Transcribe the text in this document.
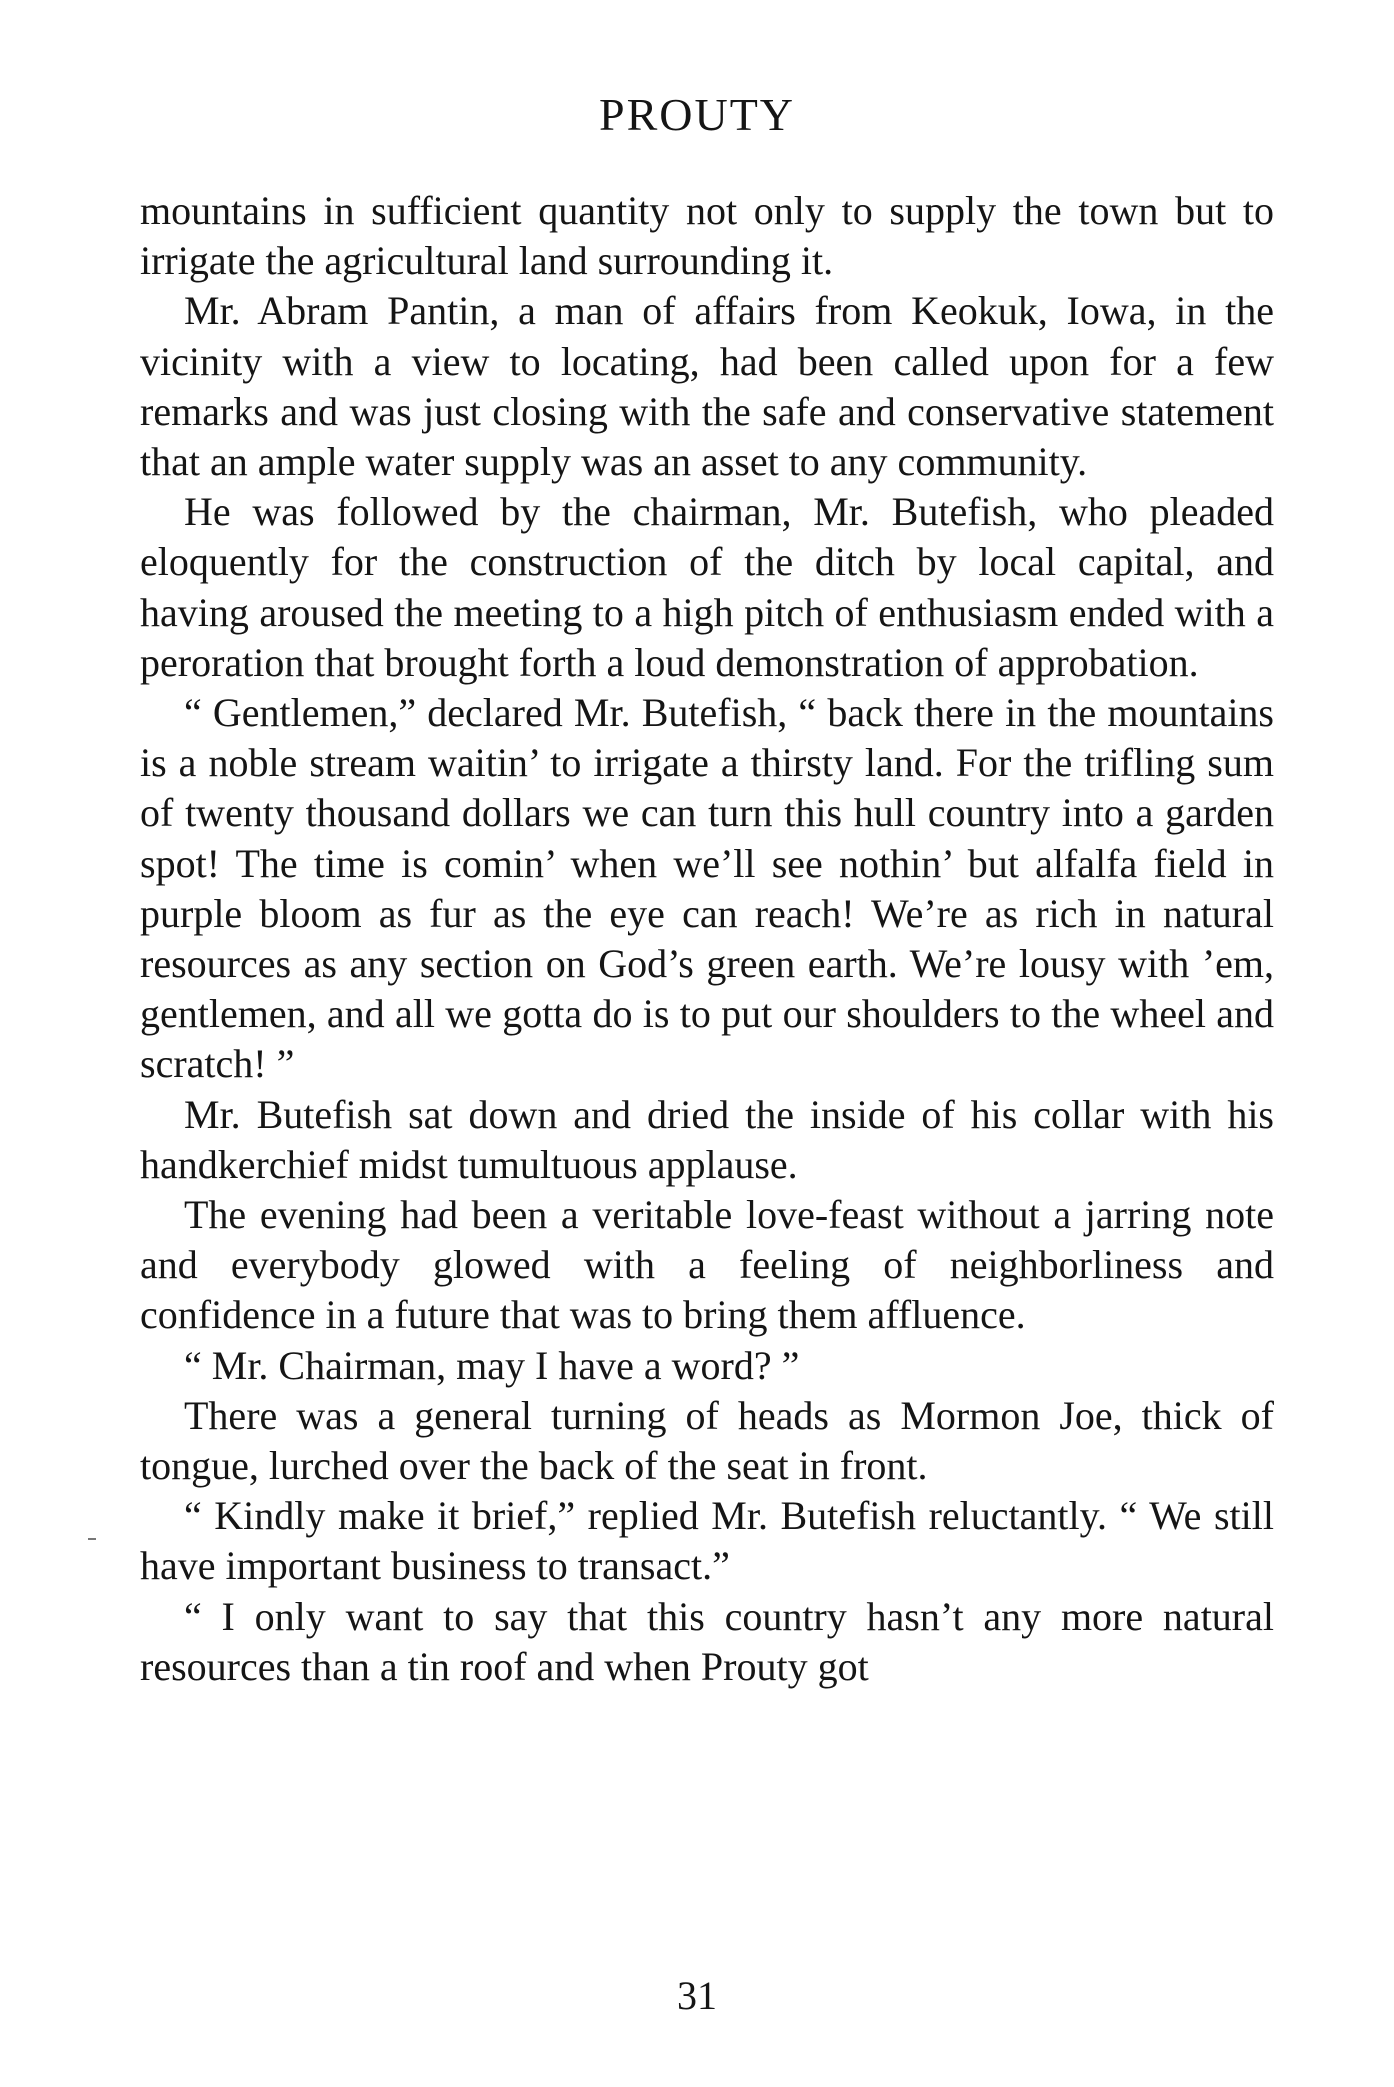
PROUTY

mountains in sufficient quantity not only to supply the town but to irrigate the agricultural land surrounding it.

Mr. Abram Pantin, a man of affairs from Keokuk, Iowa, in the vicinity with a view to locating, had been called upon for a few remarks and was just closing with the safe and conservative statement that an ample water supply was an asset to any community.

He was followed by the chairman, Mr. Butefish, who pleaded eloquently for the construction of the ditch by local capital, and having aroused the meeting to a high pitch of enthusiasm ended with a peroration that brought forth a loud demonstration of approbation.

“ Gentlemen,” declared Mr. Butefish, “ back there in the mountains is a noble stream waitin’ to irrigate a thirsty land. For the trifling sum of twenty thousand dollars we can turn this hull country into a garden spot! The time is comin’ when we’ll see nothin’ but alfalfa field in purple bloom as fur as the eye can reach! We’re as rich in natural resources as any section on God’s green earth. We’re lousy with ’em, gentlemen, and all we gotta do is to put our shoulders to the wheel and scratch! ”

Mr. Butefish sat down and dried the inside of his collar with his handkerchief midst tumultuous applause.

The evening had been a veritable love-feast without a jarring note and everybody glowed with a feeling of neighborliness and confidence in a future that was to bring them affluence.

“ Mr. Chairman, may I have a word? ”

There was a general turning of heads as Mormon Joe, thick of tongue, lurched over the back of the seat in front.

“ Kindly make it brief,” replied Mr. Butefish reluctantly. “ We still have important business to transact.”

“ I only want to say that this country hasn’t any more natural resources than a tin roof and when Prouty got

31
